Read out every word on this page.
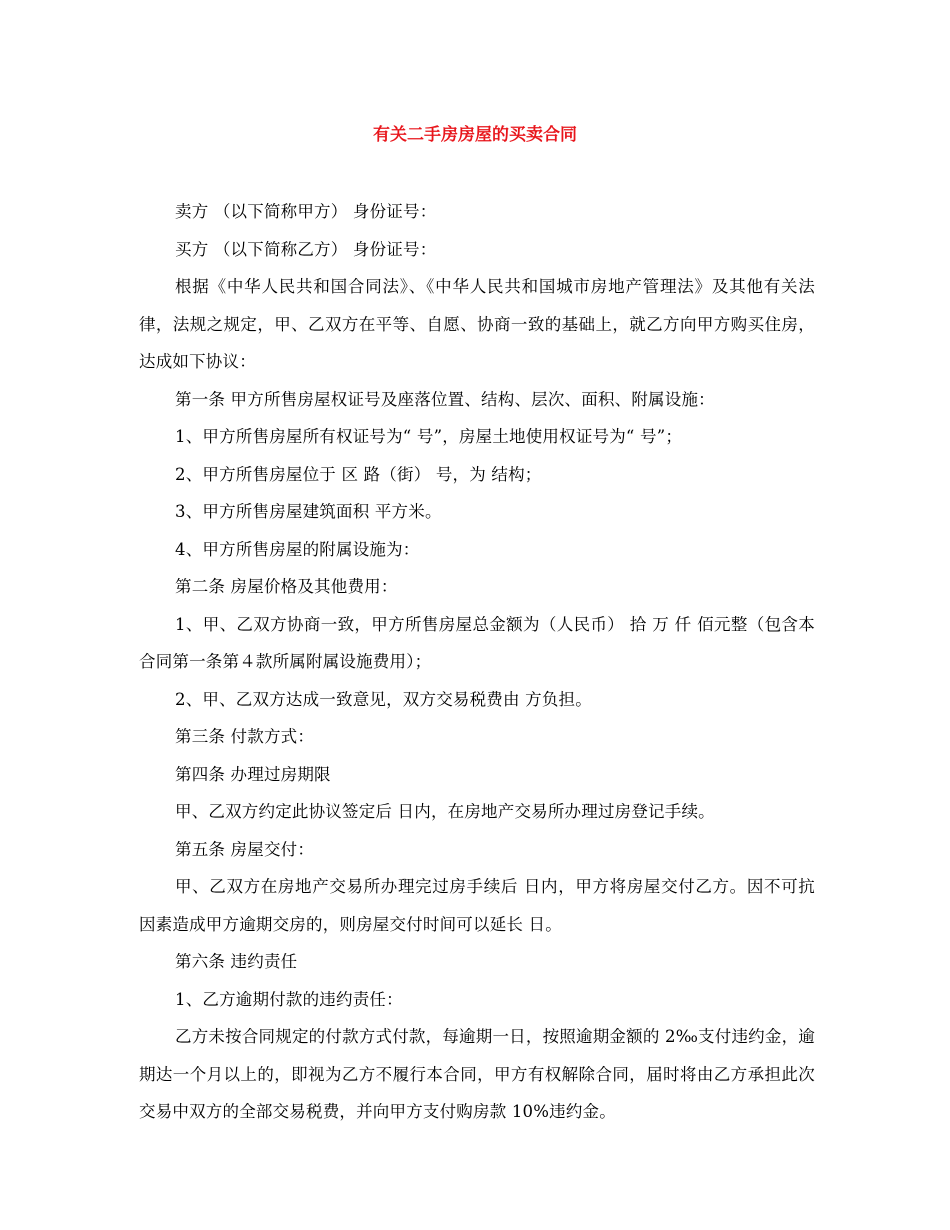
有关二手房房屋的买卖合同

卖方 （以下简称甲方） 身份证号：

买方 （以下简称乙方） 身份证号：

根据《中华人民共和国合同法》、《中华人民共和国城市房地产管理法》及其他有关法律，法规之规定，甲、乙双方在平等、自愿、协商一致的基础上，就乙方向甲方购买住房，达成如下协议：

第一条 甲方所售房屋权证号及座落位置、结构、层次、面积、附属设施：

1、甲方所售房屋所有权证号为“ 号”，房屋土地使用权证号为“ 号”；

2、甲方所售房屋位于 区 路（街） 号，为 结构；

3、甲方所售房屋建筑面积 平方米。

4、甲方所售房屋的附属设施为：

第二条 房屋价格及其他费用：

1、甲、乙双方协商一致，甲方所售房屋总金额为（人民币） 拾 万 仟 佰元整（包含本合同第一条第４款所属附属设施费用）；

2、甲、乙双方达成一致意见，双方交易税费由 方负担。

第三条 付款方式：

第四条 办理过房期限

甲、乙双方约定此协议签定后 日内，在房地产交易所办理过房登记手续。

第五条 房屋交付：

甲、乙双方在房地产交易所办理完过房手续后 日内，甲方将房屋交付乙方。因不可抗因素造成甲方逾期交房的，则房屋交付时间可以延长 日。

第六条 违约责任

1、乙方逾期付款的违约责任：

乙方未按合同规定的付款方式付款，每逾期一日，按照逾期金额的 2‰支付违约金，逾期达一个月以上的，即视为乙方不履行本合同，甲方有权解除合同，届时将由乙方承担此次交易中双方的全部交易税费，并向甲方支付购房款 10%违约金。
